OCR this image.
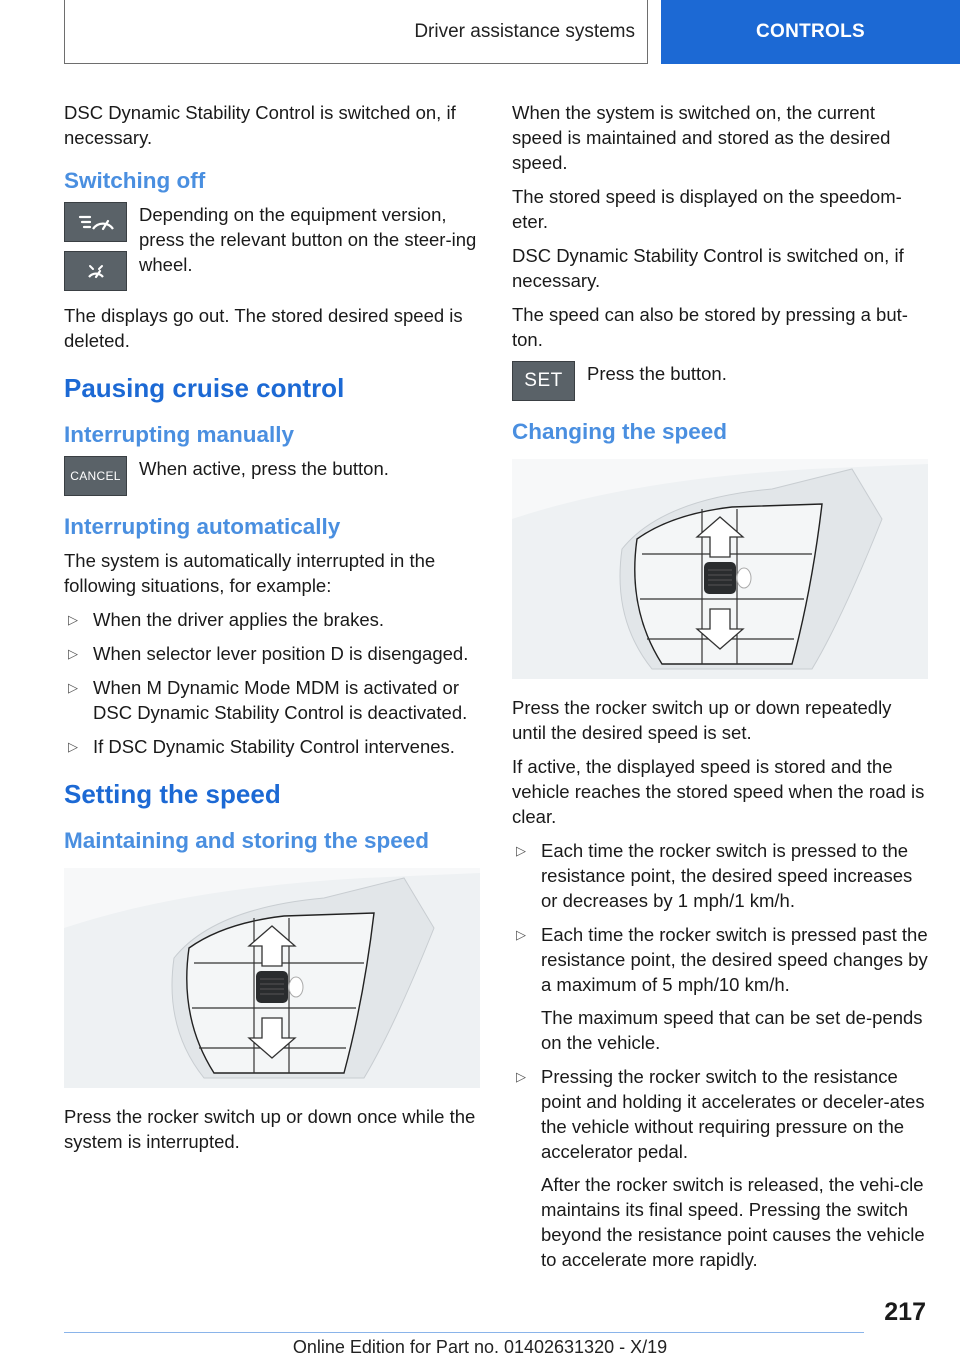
Driver assistance systems	CONTROLS

DSC Dynamic Stability Control is switched on, if necessary.

Switching off
Depending on the equipment version, press the relevant button on the steer-ing wheel.

The displays go out. The stored desired speed is deleted.

Pausing cruise control
Interrupting manually
CANCEL When active, press the button.
Interrupting automatically

The system is automatically interrupted in the following situations, for example:

▷ When the driver applies the brakes.
▷ When selector lever position D is disengaged.
▷ When M Dynamic Mode MDM is activated or DSC Dynamic Stability Control is deactivated.
▷ If DSC Dynamic Stability Control intervenes.
Setting the speed
Maintaining and storing the speed

Press the rocker switch up or down once while the system is interrupted.

When the system is switched on, the current speed is maintained and stored as the desired speed.

The stored speed is displayed on the speedom-eter.

DSC Dynamic Stability Control is switched on, if necessary.

The speed can also be stored by pressing a but-ton.

SET	Press the button.
Changing the speed

Press the rocker switch up or down repeatedly until the desired speed is set.

If active, the displayed speed is stored and the vehicle reaches the stored speed when the road is clear.

▷ Each time the rocker switch is pressed to the resistance point, the desired speed increases or decreases by 1 mph/1 km/h.
▷ Each time the rocker switch is pressed past the resistance point, the desired speed changes by a maximum of 5 mph/10 km/h.
The maximum speed that can be set de-pends on the vehicle.
▷ Pressing the rocker switch to the resistance point and holding it accelerates or deceler-ates the vehicle without requiring pressure on the accelerator pedal.
After the rocker switch is released, the vehi-cle maintains its final speed. Pressing the switch beyond the resistance point causes the vehicle to accelerate more rapidly.
217
Online Edition for Part no. 01402631320 - X/19
